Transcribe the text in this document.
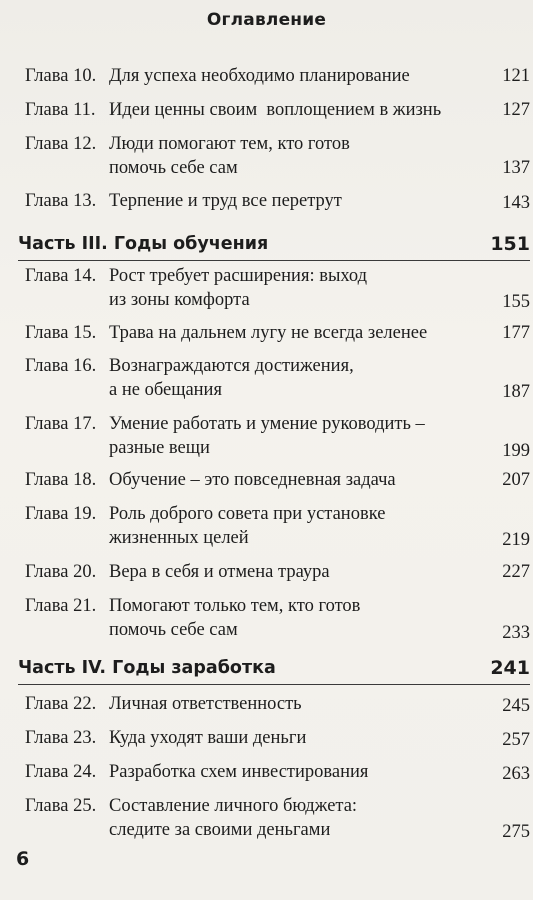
Оглавление
Глава 10. Для успеха необходимо планирование	121
Глава 11. Идеи ценны своим  воплощением в жизнь	127
Глава 12. Люди помогают тем, кто готов
помочь себе сам	137
Глава 13. Терпение и труд все перетрут	143
Часть III. Годы обучения	151
Глава 14. Рост требует расширения: выход
из зоны комфорта	155
Глава 15. Трава на дальнем лугу не всегда зеленее	177
Глава 16. Вознаграждаются достижения,
а не обещания	187
Глава 17. Умение работать и умение руководить –
разные вещи	199
Глава 18. Обучение – это повседневная задача	207
Глава 19. Роль доброго совета при установке
жизненных целей	219
Глава 20. Вера в себя и отмена траура	227
Глава 21. Помогают только тем, кто готов
помочь себе сам	233
Часть IV. Годы заработка	241
Глава 22. Личная ответственность	245
Глава 23. Куда уходят ваши деньги	257
Глава 24. Разработка схем инвестирования	263
Глава 25. Составление личного бюджета:
следите за своими деньгами	275
6
